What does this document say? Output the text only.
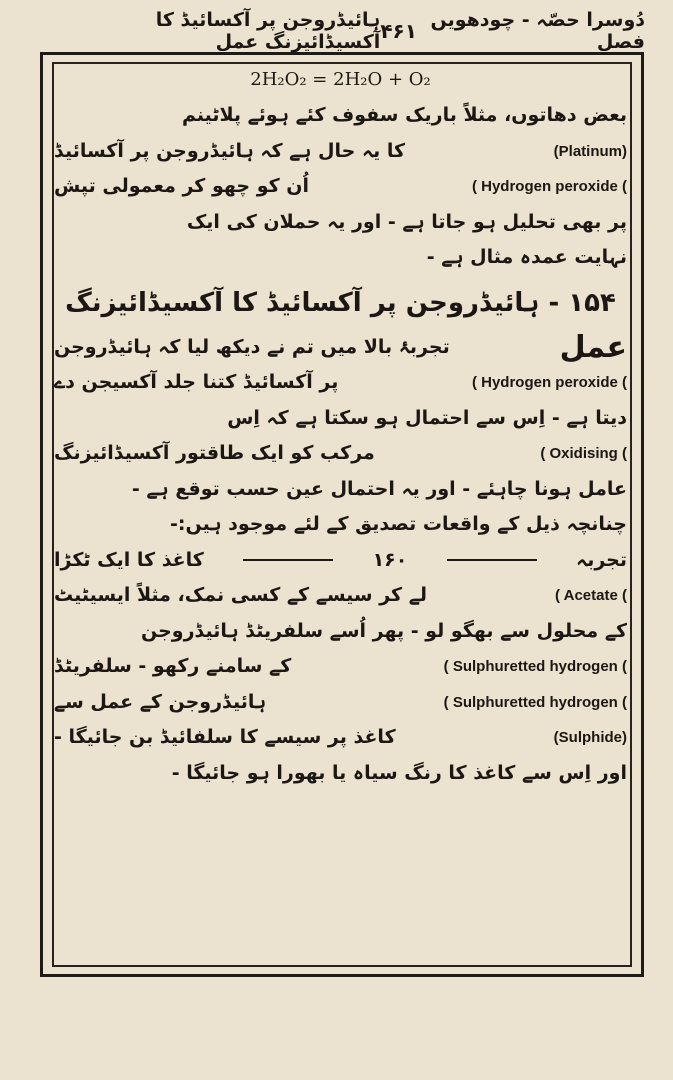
دُوسرا حصّہ - چودھویں فصل
۴۶۱
ہائیڈروجن پر آکسائیڈ کا آکسیڈائیزنگ عمل
2H₂O₂ = 2H₂O + O₂
بعض دھاتوں، مثلاً باریک سفوف کئے ہوئے پلاٹینم
(Platinum)
کا یہ حال ہے کہ ہائیڈروجن پر آکسائیڈ
( Hydrogen peroxide (
اُن کو چھو کر معمولی تپش
پر بھی تحلیل ہو جاتا ہے - اور یہ حملان کی ایک
نہایت عمدہ مثال ہے -
۱۵۴ - ہائیڈروجن پر آکسائیڈ کا آکسیڈائیزنگ
عمل
تجربۂ بالا میں تم نے دیکھ لیا کہ ہائیڈروجن
( Hydrogen peroxide (
پر آکسائیڈ کتنا جلد آکسیجن دے
دیتا ہے - اِس سے احتمال ہو سکتا ہے کہ اِس
( Oxidising (
مرکب کو ایک طاقتور آکسیڈائیزنگ
عامل ہونا چاہئے - اور یہ احتمال عین حسب توقع ہے -
چنانچہ ذیل کے واقعات تصدیق کے لئے موجود ہیں:-
تجربہ
۱۶۰
کاغذ کا ایک ٹکڑا
( Acetate (
لے کر سیسے کے کسی نمک، مثلاً ایسیٹیٹ
کے محلول سے بھگو لو - پھر اُسے سلفریٹڈ ہائیڈروجن
( Sulphuretted hydrogen (
کے سامنے رکھو - سلفریٹڈ
( Sulphuretted hydrogen (
ہائیڈروجن کے عمل سے
(Sulphide)
کاغذ پر سیسے کا سلفائیڈ بن جائیگا -
اور اِس سے کاغذ کا رنگ سیاہ یا بھورا ہو جائیگا -
